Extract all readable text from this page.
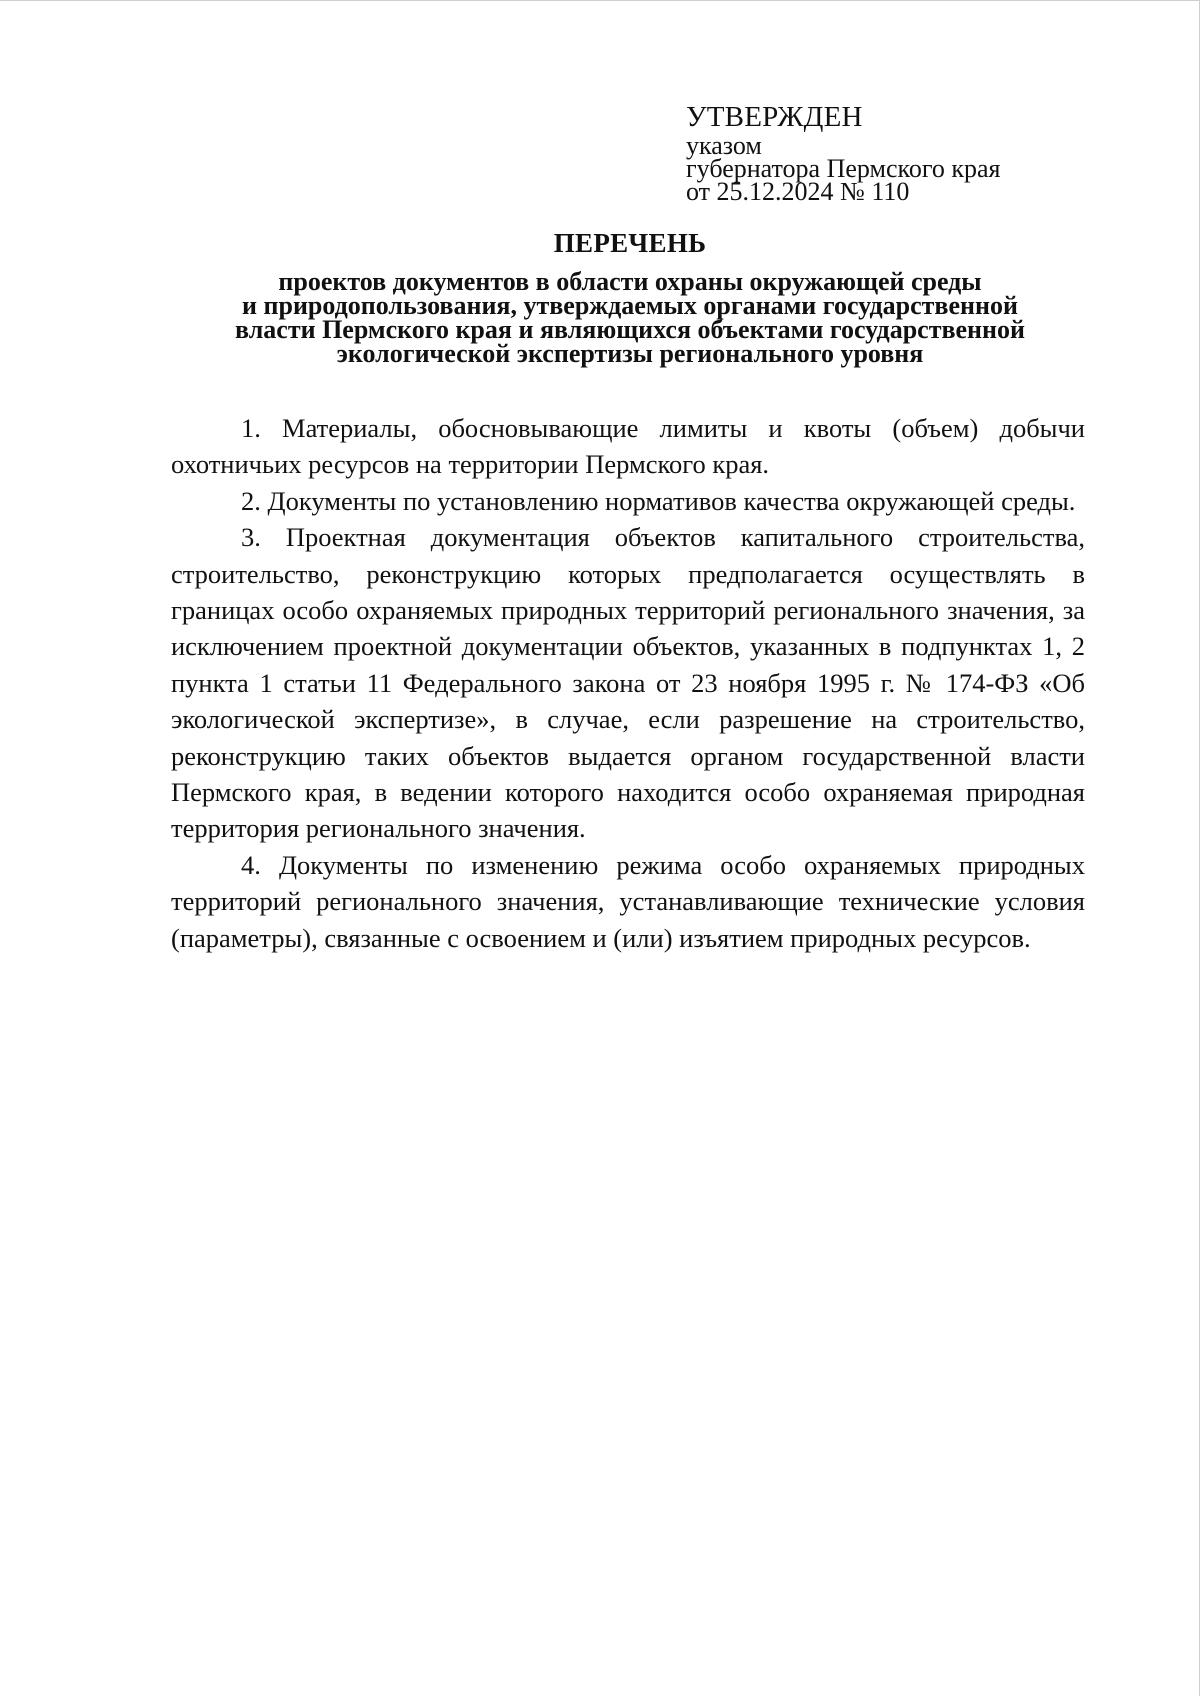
УТВЕРЖДЕН
указом
губернатора Пермского края
от 25.12.2024 № 110
ПЕРЕЧЕНЬ
проектов документов в области охраны окружающей среды
и природопользования, утверждаемых органами государственной
власти Пермского края и являющихся объектами государственной
экологической экспертизы регионального уровня

1. Материалы, обосновывающие лимиты и квоты (объем) добычи охотничьих ресурсов на территории Пермского края.

2. Документы по установлению нормативов качества окружающей среды.

3. Проектная документация объектов капитального строительства, строительство, реконструкцию которых предполагается осуществлять в границах особо охраняемых природных территорий регионального значения, за исключением проектной документации объектов, указанных в подпунктах 1, 2 пункта 1 статьи 11 Федерального закона от 23 ноября 1995 г. № 174-ФЗ «Об экологической экспертизе», в случае, если разрешение на строительство, реконструкцию таких объектов выдается органом государственной власти Пермского края, в ведении которого находится особо охраняемая природная территория регионального значения.

4. Документы по изменению режима особо охраняемых природных территорий регионального значения, устанавливающие технические условия (параметры), связанные с освоением и (или) изъятием природных ресурсов.
